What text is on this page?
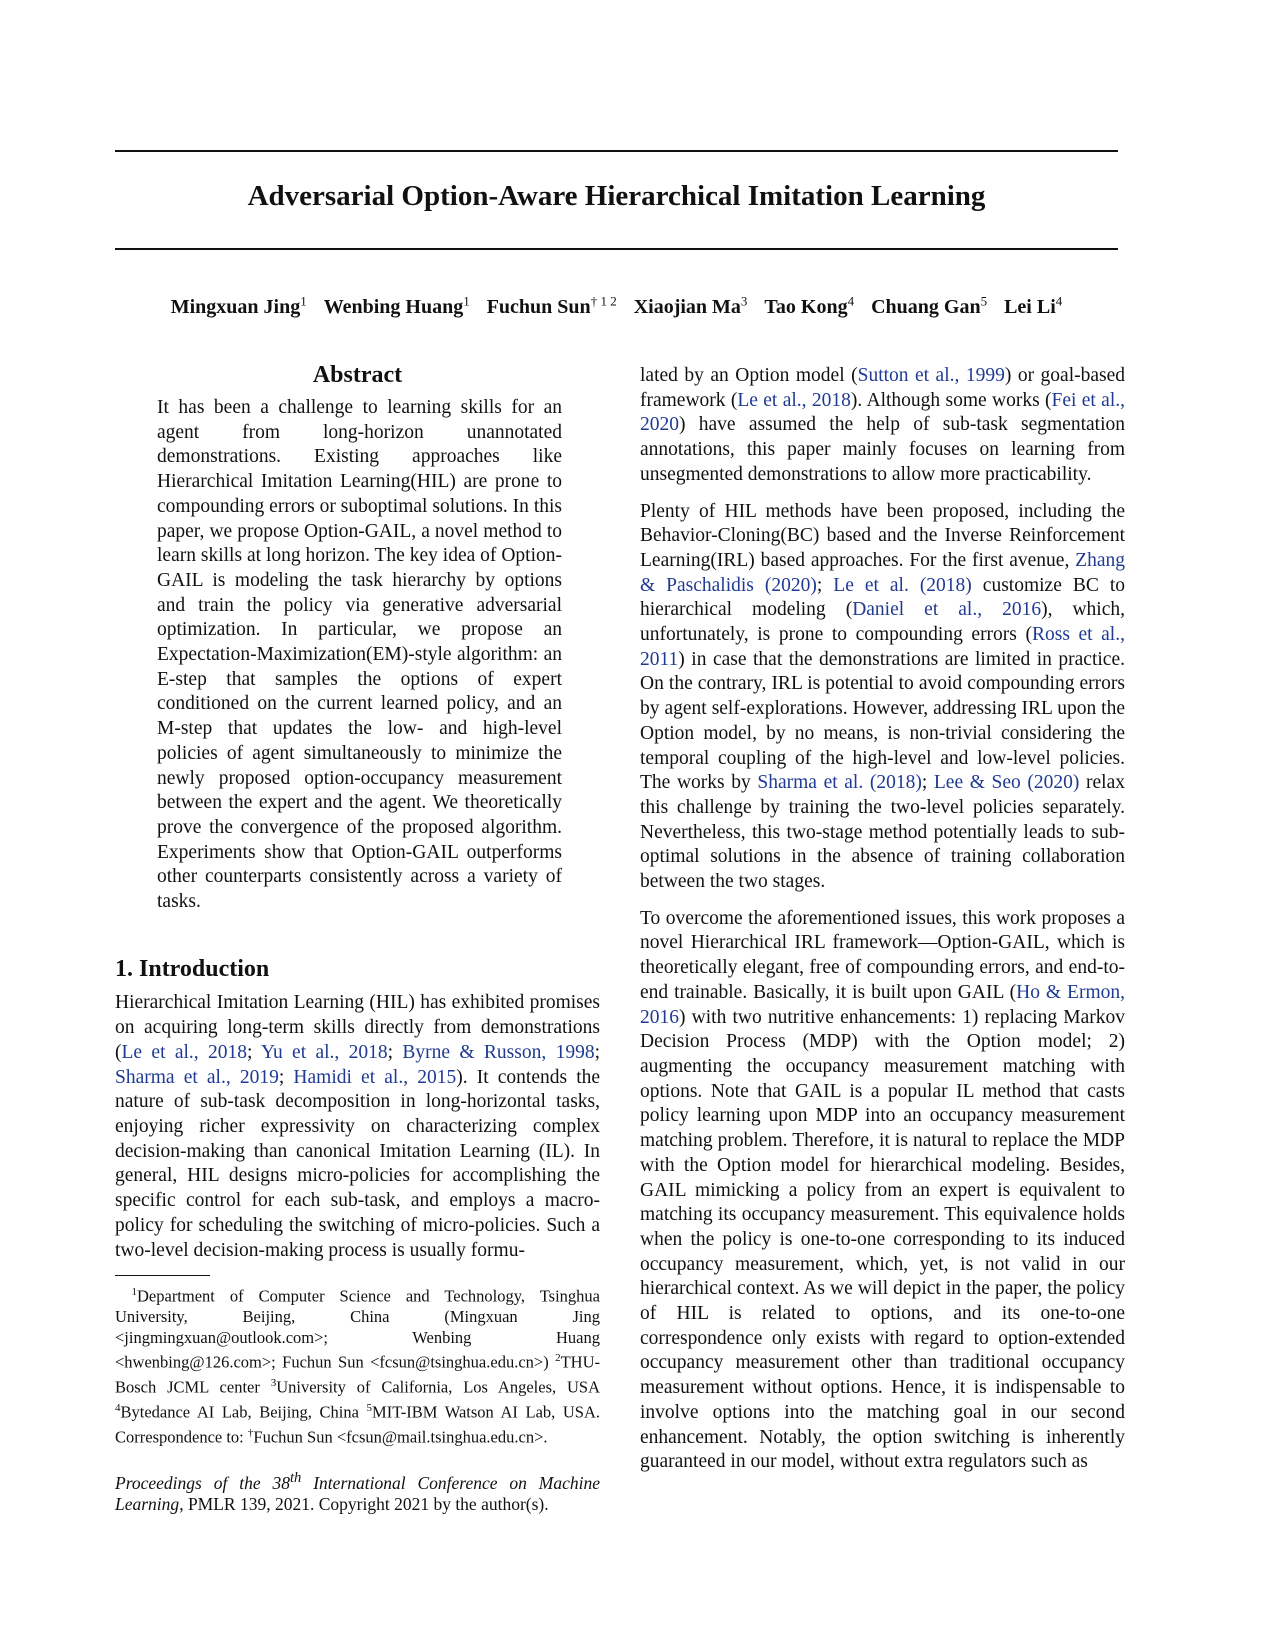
Adversarial Option-Aware Hierarchical Imitation Learning
Mingxuan Jing$^1$ Wenbing Huang$^1$ Fuchun Sun$^{\dagger 1 2}$ Xiaojian Ma$^3$ Tao Kong$^4$ Chuang Gan$^5$ Lei Li$^4$
Abstract

It has been a challenge to learning skills for an agent from long-horizon unannotated demonstrations. Existing approaches like Hierarchical Imitation Learning(HIL) are prone to compounding errors or suboptimal solutions. In this paper, we propose Option-GAIL, a novel method to learn skills at long horizon. The key idea of Option-GAIL is modeling the task hierarchy by options and train the policy via generative adversarial optimization. In particular, we propose an Expectation-Maximization(EM)-style algorithm: an E-step that samples the options of expert conditioned on the current learned policy, and an M-step that updates the low- and high-level policies of agent simultaneously to minimize the newly proposed option-occupancy measurement between the expert and the agent. We theoretically prove the convergence of the proposed algorithm. Experiments show that Option-GAIL outperforms other counterparts consistently across a variety of tasks.

1. Introduction

Hierarchical Imitation Learning (HIL) has exhibited promises on acquiring long-term skills directly from demonstrations (Le et al., 2018; Yu et al., 2018; Byrne & Russon, 1998; Sharma et al., 2019; Hamidi et al., 2015). It contends the nature of sub-task decomposition in long-horizontal tasks, enjoying richer expressivity on characterizing complex decision-making than canonical Imitation Learning (IL). In general, HIL designs micro-policies for accomplishing the specific control for each sub-task, and employs a macro-policy for scheduling the switching of micro-policies. Such a two-level decision-making process is usually formu-

 $^1$Department of Computer Science and Technology, Tsinghua University, Beijing, China (Mingxuan Jing <jingmingxuan@outlook.com>; Wenbing Huang <hwenbing@126.com>; Fuchun Sun <fcsun@tsinghua.edu.cn>) $^2$THU-Bosch JCML center $^3$University of California, Los Angeles, USA $^4$Bytedance AI Lab, Beijing, China $^5$MIT-IBM Watson AI Lab, USA. Correspondence to: †Fuchun Sun <fcsun@mail.tsinghua.edu.cn>.

Proceedings of the 38th International Conference on Machine Learning, PMLR 139, 2021. Copyright 2021 by the author(s).

lated by an Option model (Sutton et al., 1999) or goal-based framework (Le et al., 2018). Although some works (Fei et al., 2020) have assumed the help of sub-task segmentation annotations, this paper mainly focuses on learning from unsegmented demonstrations to allow more practicability.

Plenty of HIL methods have been proposed, including the Behavior-Cloning(BC) based and the Inverse Reinforcement Learning(IRL) based approaches. For the first avenue, Zhang & Paschalidis (2020); Le et al. (2018) customize BC to hierarchical modeling (Daniel et al., 2016), which, unfortunately, is prone to compounding errors (Ross et al., 2011) in case that the demonstrations are limited in practice. On the contrary, IRL is potential to avoid compounding errors by agent self-explorations. However, addressing IRL upon the Option model, by no means, is non-trivial considering the temporal coupling of the high-level and low-level policies. The works by Sharma et al. (2018); Lee & Seo (2020) relax this challenge by training the two-level policies separately. Nevertheless, this two-stage method potentially leads to sub-optimal solutions in the absence of training collaboration between the two stages.

To overcome the aforementioned issues, this work proposes a novel Hierarchical IRL framework—Option-GAIL, which is theoretically elegant, free of compounding errors, and end-to-end trainable. Basically, it is built upon GAIL (Ho & Ermon, 2016) with two nutritive enhancements: 1) replacing Markov Decision Process (MDP) with the Option model; 2) augmenting the occupancy measurement matching with options. Note that GAIL is a popular IL method that casts policy learning upon MDP into an occupancy measurement matching problem. Therefore, it is natural to replace the MDP with the Option model for hierarchical modeling. Besides, GAIL mimicking a policy from an expert is equivalent to matching its occupancy measurement. This equivalence holds when the policy is one-to-one corresponding to its induced occupancy measurement, which, yet, is not valid in our hierarchical context. As we will depict in the paper, the policy of HIL is related to options, and its one-to-one correspondence only exists with regard to option-extended occupancy measurement other than traditional occupancy measurement without options. Hence, it is indispensable to involve options into the matching goal in our second enhancement. Notably, the option switching is inherently guaranteed in our model, without extra regulators such as
